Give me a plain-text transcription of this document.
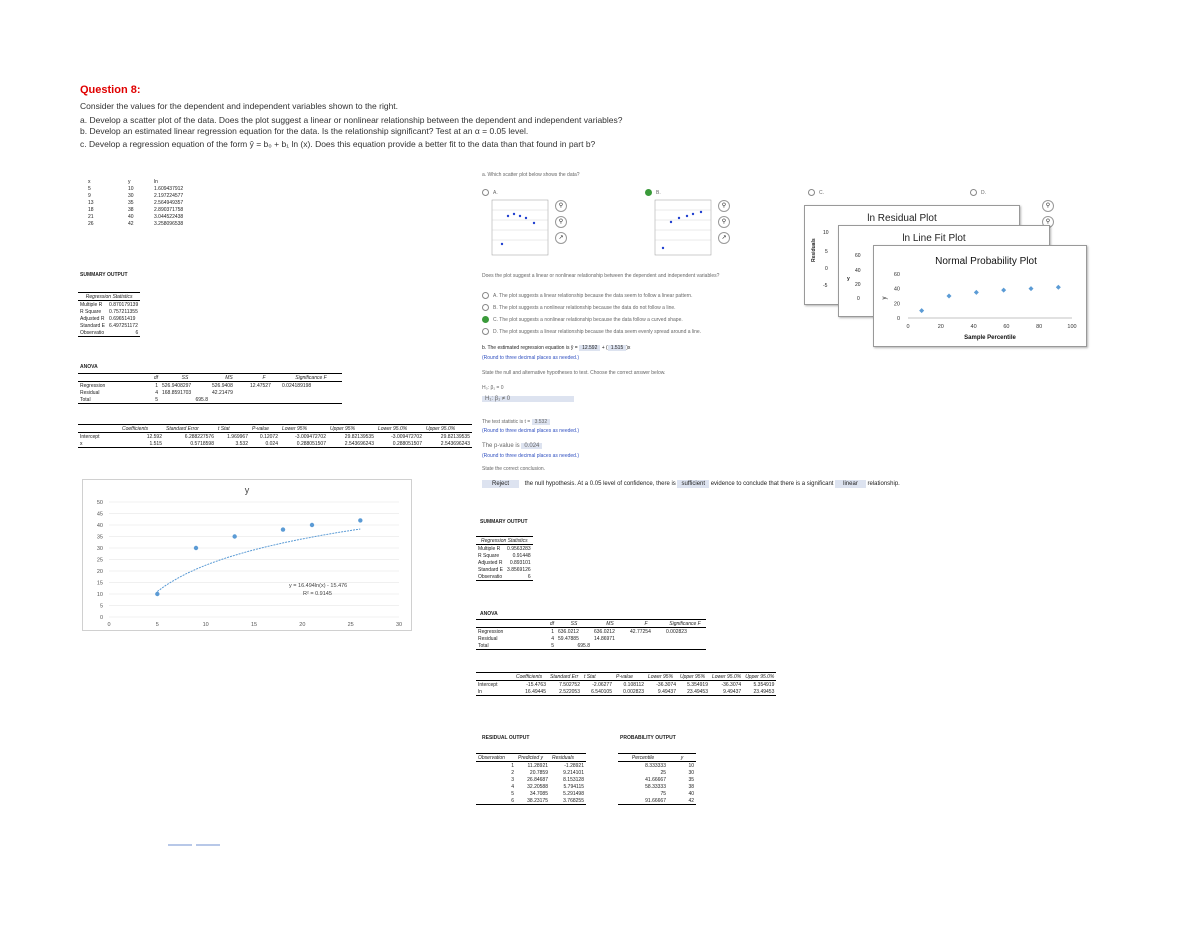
Question 8:
Consider the values for the dependent and independent variables shown to the right.
a. Develop a scatter plot of the data. Does the plot suggest a linear or nonlinear relationship between the dependent and independent variables?
b. Develop an estimated linear regression equation for the data. Is the relationship significant? Test at an α = 0.05 level.
c. Develop a regression equation of the form ŷ = b₀ + b₁ ln (x). Does this equation provide a better fit to the data than that found in part b?
x	y	ln
5	10	1.609437912
9	30	2.197224577
13	35	2.564949357
18	38	2.890371758
21	40	3.044522438
26	42	3.258096538
SUMMARY OUTPUT
Regression Statistics	
Multiple R	0.870179139
R Square	0.757211355
Adjusted R	0.69651419
Standard E	6.497251172
Observatio	6
ANOVA
	df	SS	MS	F	Significance F
Regression	1	526.9408297	526.9408	12.47527	0.024189198
Residual	4	168.8591703	42.21479		
Total	5	695.8			
	Coefficients	Standard Error	t Stat	P-value	Lower 95%	Upper 95%	Lower 95.0%	Upper 95.0%
Intercept	12.592	6.288227576	1.969967	0.12072	-3.009472702	29.82139535	-3.009472702	29.82139535
x	1.515	0.5718598	3.532	0.024	0.288051507	2.543696243	0.288051507	2.543696243
y
0
5
10
15
20
25
30
35
40
45
50
0	5	10	15	20	25	30
y = 16.494ln(x) - 15.476
R² = 0.9145
a. Which scatter plot below shows the data?
A.	B.	C.	D.
⚲
⚲
↗
⚲
⚲
↗
⚲
⚲
ln Residual Plot
10
5
0
-5
Residuals	ln Line Fit Plot
60
40
20
0
y
Normal Probability Plot
0
20
40
60
0	20	40	60	80	100
y
Sample Percentile
Does the plot suggest a linear or nonlinear relationship between the dependent and independent variables?
A. The plot suggests a linear relationship because the data seem to follow a linear pattern.
B. The plot suggests a nonlinear relationship because the data do not follow a line.
C. The plot suggests a nonlinear relationship because the data follow a curved shape.
D. The plot suggests a linear relationship because the data seem evenly spread around a line.
b. The estimated regression equation is ŷ = 12.592 + ( 1.515 )x
(Round to three decimal places as needed.)
State the null and alternative hypotheses to test. Choose the correct answer below.
H₀: β₁ = 0
H₁: β₁ ≠ 0
The test statistic is t = 3.532
(Round to three decimal places as needed.)
The p-value is 0.024
(Round to three decimal places as needed.)
State the correct conclusion.
Reject	the null hypothesis. At a 0.05 level of confidence, there is sufficient evidence to conclude that there is a significant linear relationship.
SUMMARY OUTPUT
Regression Statistics	
Multiple R	0.9563283
R Square	0.91448
Adjusted R	0.893101
Standard E	3.8569126
Observatio	6
ANOVA
	df	SS	MS	F	Significance F
Regression	1	636.0212	636.0212	42.77254	0.002823
Residual	4	59.47885	14.86971		
Total	5	695.8			
	Coefficients	Standard Err	t Stat	P-value	Lower 95%	Upper 95%	Lower 95.0%	Upper 95.0%
Intercept	-15.4763	7.502752	-2.06277	0.108112	-36.3074	5.354919	-36.3074	5.354919
ln	16.49445	2.522053	6.540105	0.002823	9.49437	23.49453	9.49437	23.49453
RESIDUAL OUTPUT
Observation	Predicted y	Residuals
1	11.28921	-1.28921
2	20.7859	9.214101
3	26.84687	8.153128
4	32.20588	5.794115
5	34.7085	5.291498
6	38.23175	3.768255
PROBABILITY OUTPUT
Percentile	y
8.333333	10
25	30
41.66667	35
58.33333	38
75	40
91.66667	42
